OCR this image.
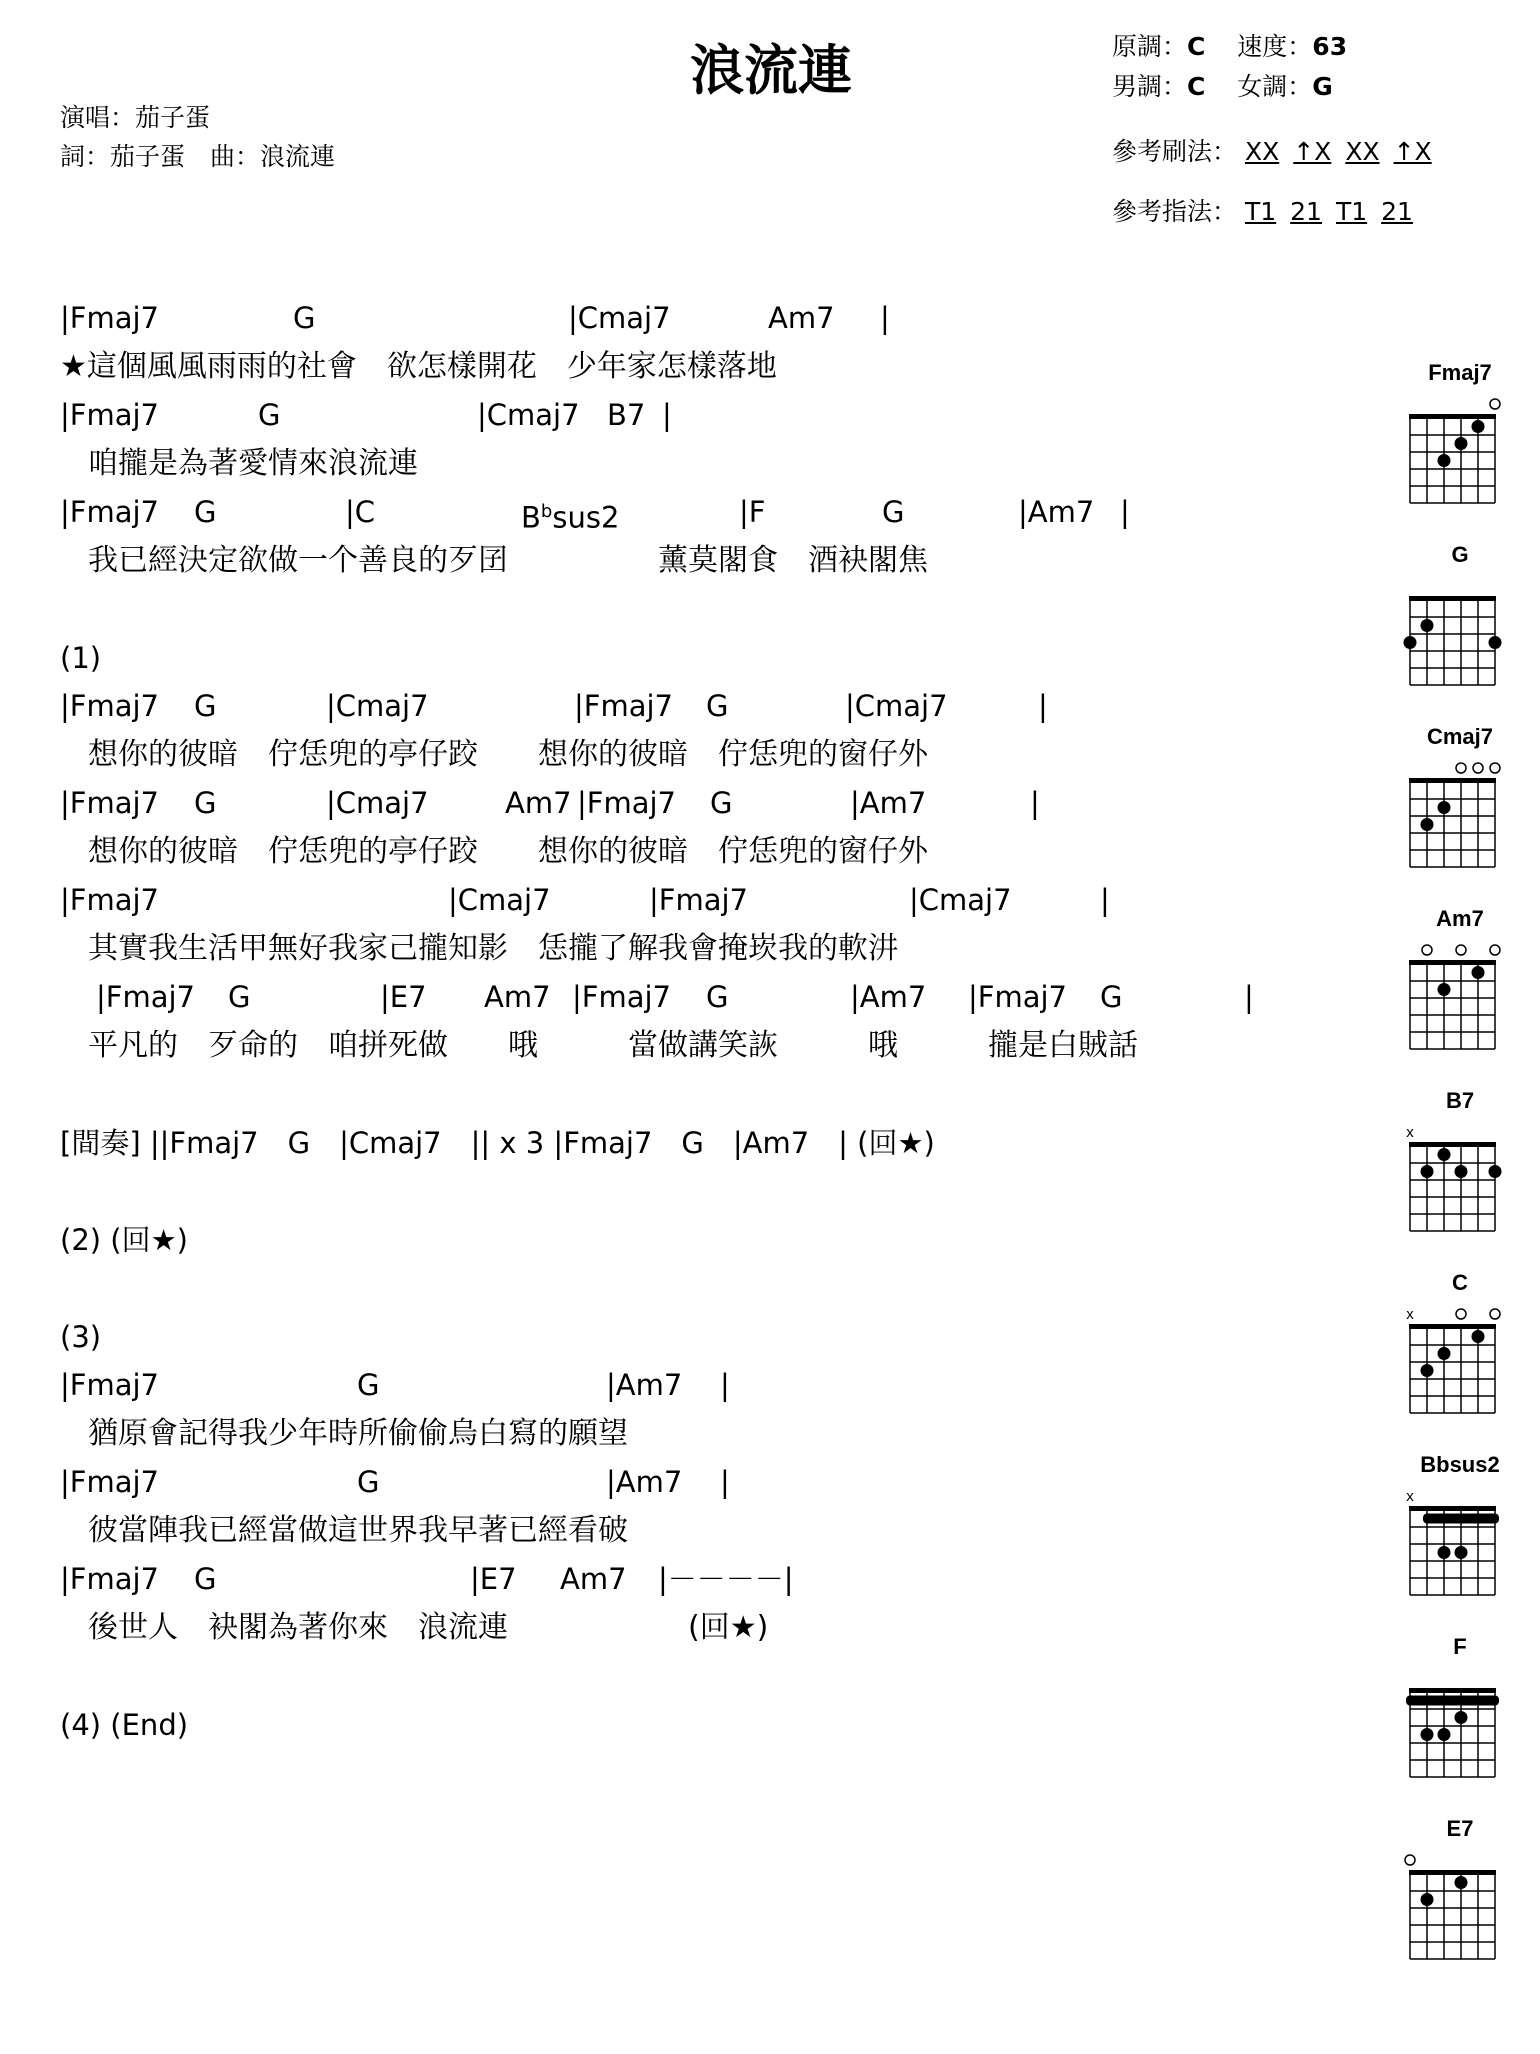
浪流連
演唱：茄子蛋
詞：茄子蛋　曲：浪流連
原調：C 速度：63
男調：C 女調：G
參考刷法： XX ↑X XX ↑X
參考指法： T1 21 T1 21
|Fmaj7	G	|Cmaj7	Am7 |
★這個風風雨雨的社會　欲怎樣開花　少年家怎樣落地
|Fmaj7	G	|Cmaj7 B7 |
咱攏是為著愛情來浪流連
|Fmaj7 G	|C	$B^bsus2$	|F	G	|Am7 |
我已經決定欲做一个善良的歹囝　　　　　薰莫閣食　酒袂閣焦
(1)
|Fmaj7 G	|Cmaj7	|Fmaj7 G	|Cmaj7	|
想你的彼暗　佇恁兜的亭仔跤　　想你的彼暗　佇恁兜的窗仔外
|Fmaj7 G	|Cmaj7	Am7 |Fmaj7 G	|Am7	|
想你的彼暗　佇恁兜的亭仔跤　　想你的彼暗　佇恁兜的窗仔外
|Fmaj7	|Cmaj7	|Fmaj7	|Cmaj7	|
其實我生活甲無好我家己攏知影　恁攏了解我會掩崁我的軟汫
|Fmaj7 G	|E7 Am7 |Fmaj7 G	|Am7 |Fmaj7 G	|
平凡的　歹命的　咱拼死做　　哦　　　當做講笑詼　　　哦　　　攏是白賊話
[間奏] ||Fmaj7　G　|Cmaj7　|| x 3 |Fmaj7　G　|Am7　| (回★)
(2) (回★)
(3)
|Fmaj7	G	|Am7 |
猶原會記得我少年時所偷偷烏白寫的願望
|Fmaj7	G	|Am7 |
彼當陣我已經當做這世界我早著已經看破
|Fmaj7 G	|E7 Am7 |－－－－|
後世人　袂閣為著你來　浪流連　　　　　　(回★)
(4) (End)
Fmaj7
G
Cmaj7
Am7
B7
x
C
x
Bbsus2
x
F
E7
